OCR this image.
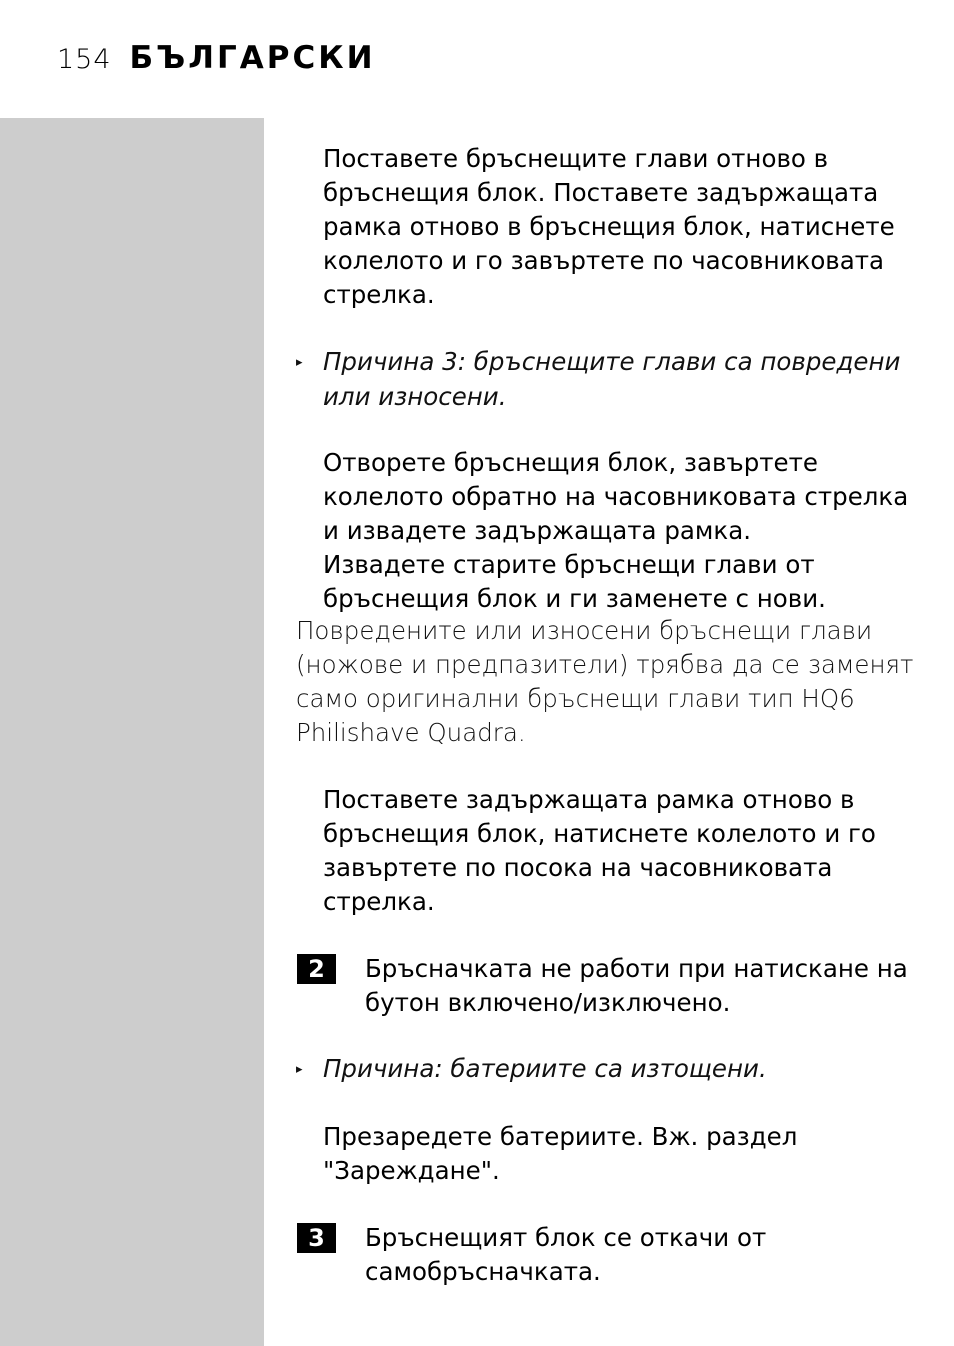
154 БЪЛГАРСКИ
Поставете бръснещите глави отново в
бръснещия блок. Поставете задържащата
рамка отново в бръснещия блок, натиснете
колелото и го завъртете по часовниковата
стрелка.
▸ Причина 3: бръснещите глави са повредени
или износени.
Отворете бръснещия блок, завъртете
колелото обратно на часовниковата стрелка
и извадете задържащата рамка.
Извадете старите бръснещи глави от
бръснещия блок и ги заменете с нови.
Повредените или износени бръснещи глави
(ножове и предпазители) трябва да се заменят
само оригинални бръснещи глави тип HQ6
Philishave Quadra.
Поставете задържащата рамка отново в
бръснещия блок, натиснете колелото и го
завъртете по посока на часовниковата
стрелка.
2	Бръсначката не работи при натискане на
бутон включено/изключено.
▸ Причина: батериите са изтощени.
Презаредете батериите. Вж. раздел
"Зареждане".
3	Бръснещият блок се откачи от
самобръсначката.
